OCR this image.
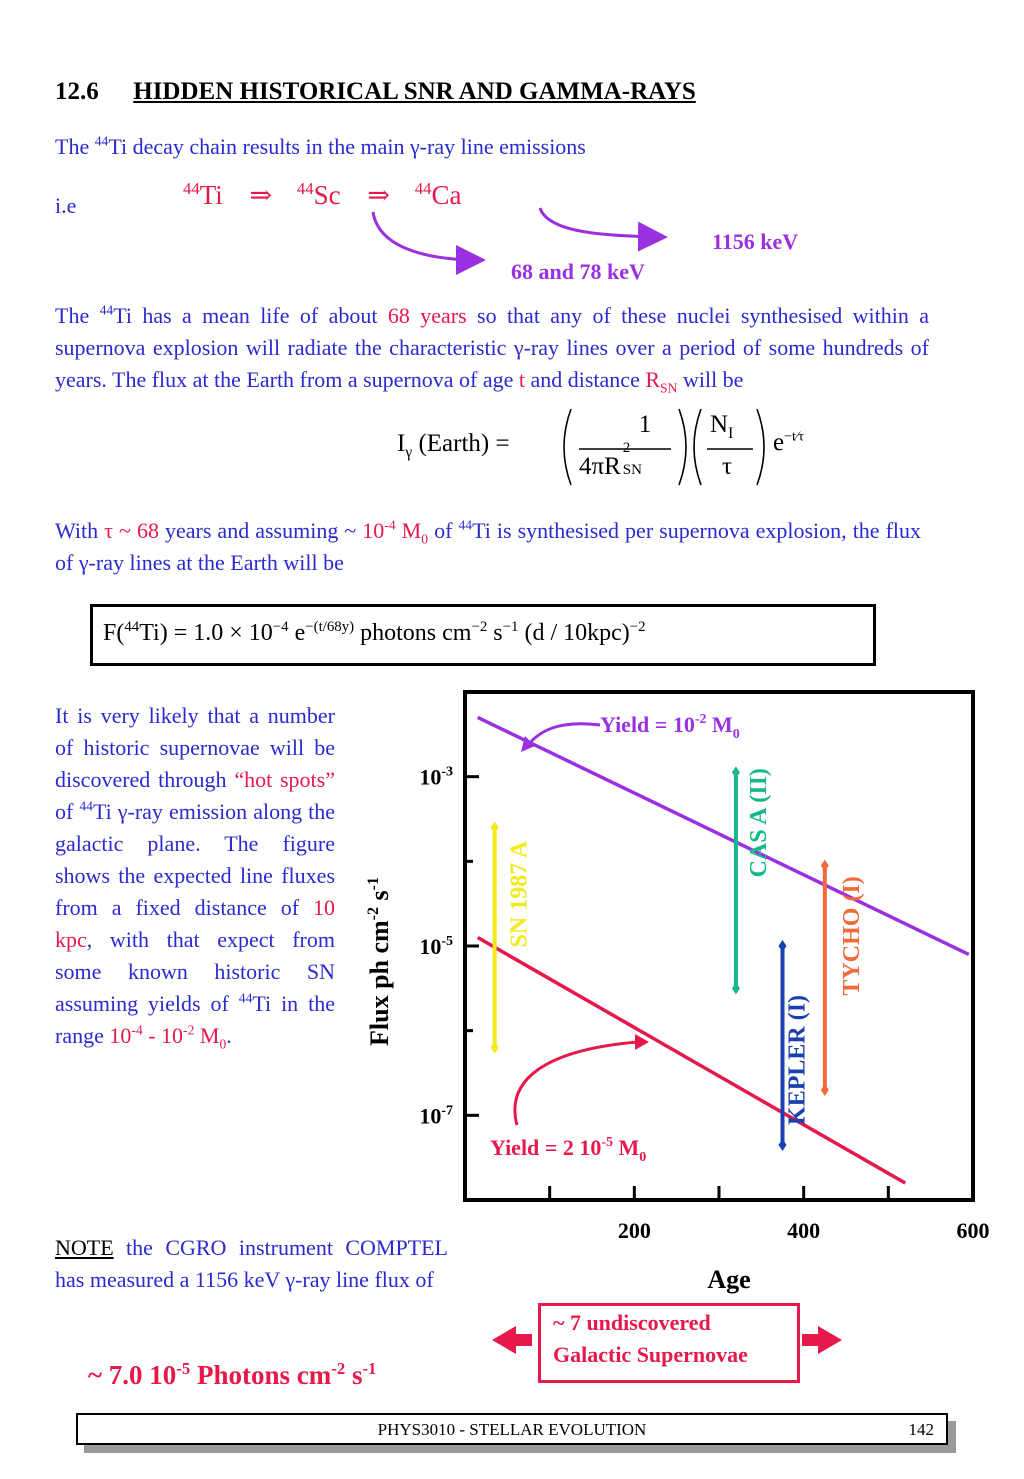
12.6 HIDDEN HISTORICAL SNR AND GAMMA-RAYS
The $^{44}$Ti decay chain results in the main γ-ray line emissions
i.e
$^{44}$Ti ⇒ $^{44}$Sc ⇒ $^{44}$Ca
1156 keV
68 and 78 keV
The $^{44}$Ti has a mean life of about 68 years so that any of these nuclei synthesised within a supernova explosion will radiate the characteristic γ-ray lines over a period of some hundreds of years. The flux at the Earth from a supernova of age t and distance $R_{SN}$ will be
$I_\gamma$ (Earth) =
1
4πR
2
SN
$N_I$
τ
$e^{-t⁄\tau}$
With τ ~ 68 years and assuming ~ $10^{-4}$ $M_0$ of $^{44}$Ti is synthesised per supernova explosion, the flux of γ-ray lines at the Earth will be
$F(^{44}Ti) = 1.0 \times 10^{-4}$ $e^{-(t/68y)}$ photons $cm^{-2}$ $s^{-1}$ (d / 10kpc)$^{-2}$
It is very likely that a number of historic supernovae will be discovered through “hot spots” of $^{44}$Ti γ-ray emission along the galactic plane. The figure shows the expected line fluxes from a fixed distance of 10 kpc, with that expect from some known historic SN assuming yields of $^{44}$Ti in the range $10^{-4} - 10^{-2}$ $M_0$.
200	400	600
$10^{-3}$
$10^{-5}$
$10^{-7}$
Age
Flux ph $cm^{-2}$ $s^{-1}$
Yield = $10^{-2}$ $M_0$
Yield = 2 $10^{-5}$ $M_0$
SN 1987 A
CAS A (II)
KEPLER (I)
TYCHO (I)
NOTE the CGRO instrument COMPTEL has measured a 1156 keV γ-ray line flux of
~ 7.0 $10^{-5}$ Photons $cm^{-2}$ $s^{-1}$
~ 7 undiscovered
Galactic Supernovae
PHYS3010 - STELLAR EVOLUTION	142
